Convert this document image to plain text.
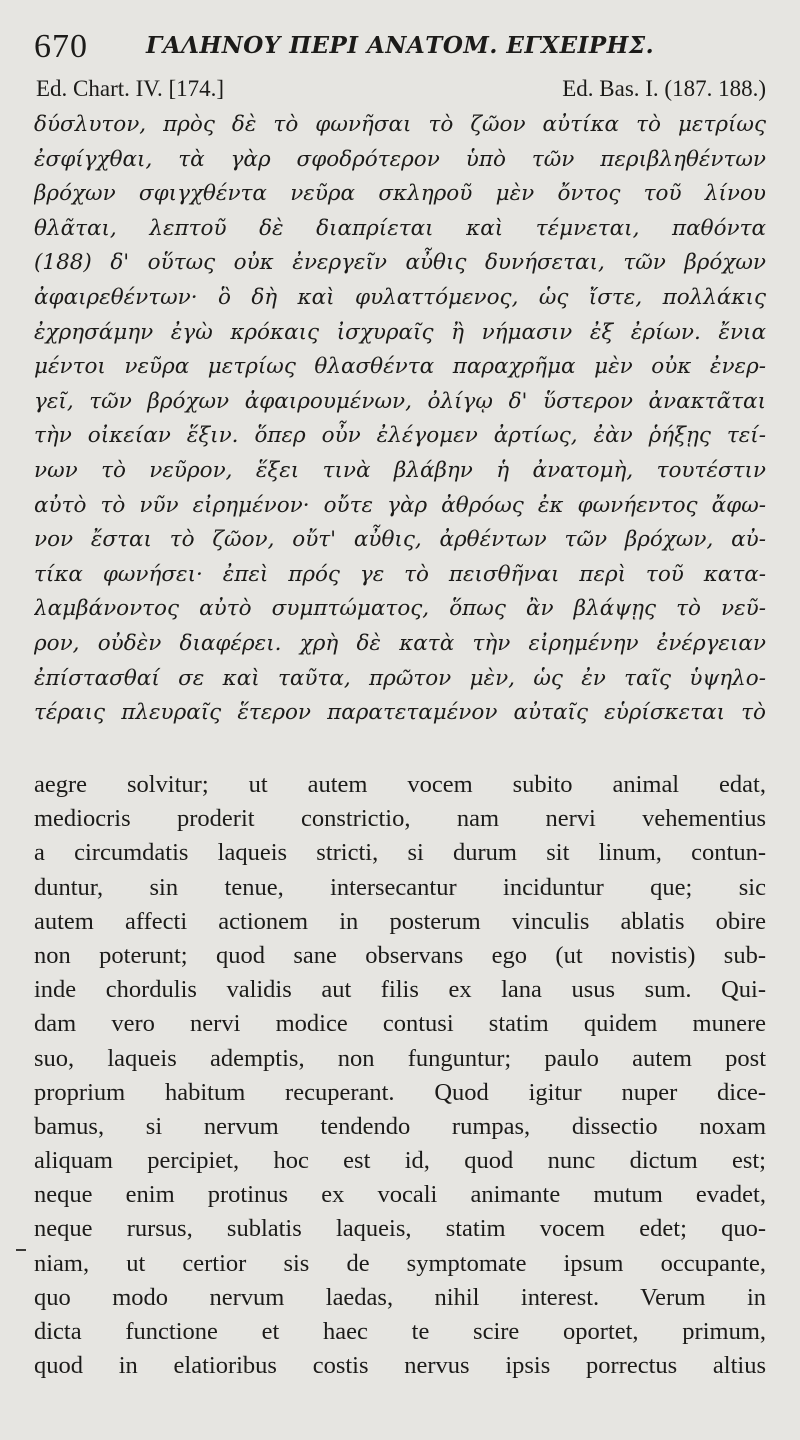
670	ΓΑΛΗΝΟΥ ΠΕΡΙ ΑΝΑΤΟΜ. ΕΓΧΕΙΡΗΣ.
Ed. Chart. IV. [174.]	Ed. Bas. I. (187. 188.)
δύσλυτον, πρὸς δὲ τὸ φωνῆσαι τὸ ζῶον αὐτίκα τὸ μετρίως
ἐσφίγχθαι, τὰ γὰρ σφοδρότερον ὑπὸ τῶν περιβληθέντων
βρόχων σφιγχθέντα νεῦρα σκληροῦ μὲν ὄντος τοῦ λίνου
θλᾶται, λεπτοῦ δὲ διαπρίεται καὶ τέμνεται, παθόντα
(188) δ' οὕτως οὐκ ἐνεργεῖν αὖθις δυνήσεται, τῶν βρόχων
ἀφαιρεθέντων· ὃ δὴ καὶ φυλαττόμενος, ὡς ἴστε, πολλάκις
ἐχρησάμην ἐγὼ κρόκαις ἰσχυραῖς ἢ νήμασιν ἐξ ἐρίων. ἔνια
μέντοι νεῦρα μετρίως θλασθέντα παραχρῆμα μὲν οὐκ ἐνερ-
γεῖ, τῶν βρόχων ἀφαιρουμένων, ὀλίγῳ δ' ὕστερον ἀνακτᾶται
τὴν οἰκείαν ἕξιν. ὅπερ οὖν ἐλέγομεν ἀρτίως, ἐὰν ῥήξῃς τεί-
νων τὸ νεῦρον, ἕξει τινὰ βλάβην ἡ ἀνατομὴ, τουτέστιν
αὐτὸ τὸ νῦν εἰρημένον· οὔτε γὰρ ἀθρόως ἐκ φωνήεντος ἄφω-
νον ἔσται τὸ ζῶον, οὔτ' αὖθις, ἀρθέντων τῶν βρόχων, αὐ-
τίκα φωνήσει· ἐπεὶ πρός γε τὸ πεισθῆναι περὶ τοῦ κατα-
λαμβάνοντος αὐτὸ συμπτώματος, ὅπως ἂν βλάψῃς τὸ νεῦ-
ρον, οὐδὲν διαφέρει. χρὴ δὲ κατὰ τὴν εἰρημένην ἐνέργειαν
ἐπίστασθαί σε καὶ ταῦτα, πρῶτον μὲν, ὡς ἐν ταῖς ὑψηλο-
τέραις πλευραῖς ἕτερον παρατεταμένον αὐταῖς εὑρίσκεται τὸ
aegre solvitur; ut autem vocem subito animal edat,
mediocris proderit constrictio, nam nervi vehementius
a circumdatis laqueis stricti, si durum sit linum, contun-
duntur, sin tenue, intersecantur inciduntur que; sic
autem affecti actionem in posterum vinculis ablatis obire
non poterunt; quod sane observans ego (ut novistis) sub-
inde chordulis validis aut filis ex lana usus sum. Qui-
dam vero nervi modice contusi statim quidem munere
suo, laqueis ademptis, non funguntur; paulo autem post
proprium habitum recuperant. Quod igitur nuper dice-
bamus, si nervum tendendo rumpas, dissectio noxam
aliquam percipiet, hoc est id, quod nunc dictum est;
neque enim protinus ex vocali animante mutum evadet,
neque rursus, sublatis laqueis, statim vocem edet; quo-
niam, ut certior sis de symptomate ipsum occupante,
quo modo nervum laedas, nihil interest. Verum in
dicta functione et haec te scire oportet, primum,
quod in elatioribus costis nervus ipsis porrectus altius
